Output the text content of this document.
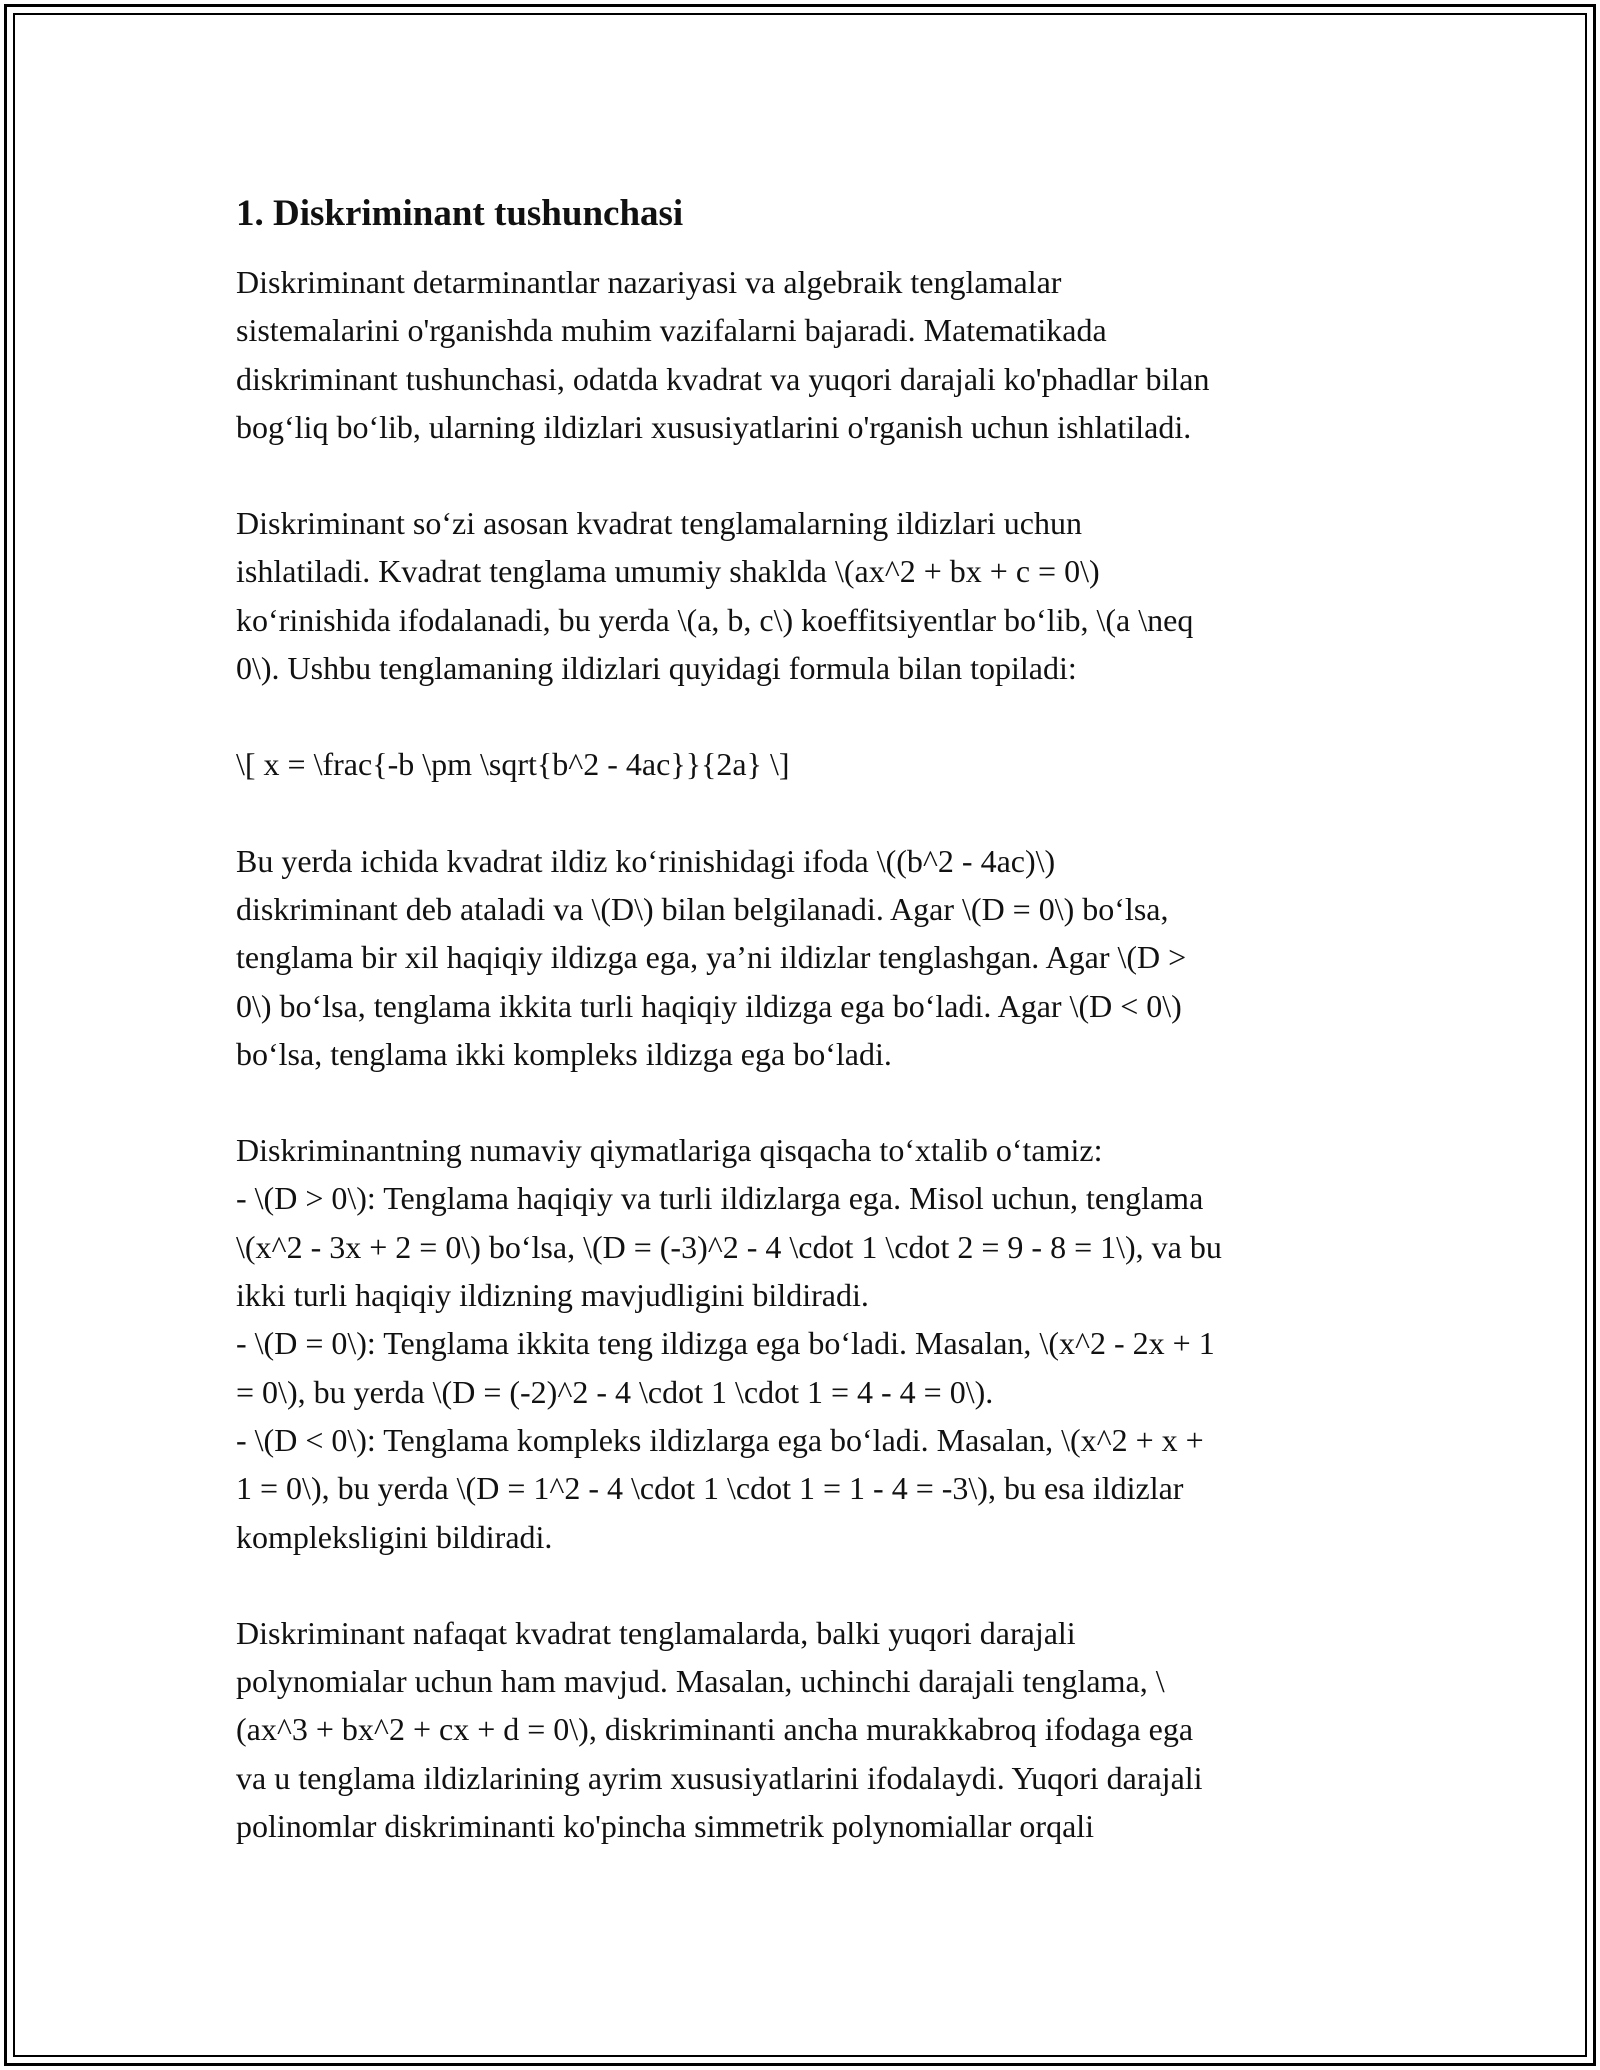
1. Diskriminant tushunchasi
Diskriminant detarminantlar nazariyasi va algebraik tenglamalar
sistemalarini o'rganishda muhim vazifalarni bajaradi. Matematikada
diskriminant tushunchasi, odatda kvadrat va yuqori darajali ko'phadlar bilan
bog‘liq bo‘lib, ularning ildizlari xususiyatlarini o'rganish uchun ishlatiladi.
Diskriminant so‘zi asosan kvadrat tenglamalarning ildizlari uchun
ishlatiladi. Kvadrat tenglama umumiy shaklda \(ax^2 + bx + c = 0\)
ko‘rinishida ifodalanadi, bu yerda \(a, b, c\) koeffitsiyentlar bo‘lib, \(a \neq
0\). Ushbu tenglamaning ildizlari quyidagi formula bilan topiladi:
\[ x = \frac{-b \pm \sqrt{b^2 - 4ac}}{2a} \]
Bu yerda ichida kvadrat ildiz ko‘rinishidagi ifoda \((b^2 - 4ac)\)
diskriminant deb ataladi va \(D\) bilan belgilanadi. Agar \(D = 0\) bo‘lsa,
tenglama bir xil haqiqiy ildizga ega, ya’ni ildizlar tenglashgan. Agar \(D >
0\) bo‘lsa, tenglama ikkita turli haqiqiy ildizga ega bo‘ladi. Agar \(D < 0\)
bo‘lsa, tenglama ikki kompleks ildizga ega bo‘ladi.
Diskriminantning numaviy qiymatlariga qisqacha to‘xtalib o‘tamiz:
- \(D > 0\): Tenglama haqiqiy va turli ildizlarga ega. Misol uchun, tenglama
\(x^2 - 3x + 2 = 0\) bo‘lsa, \(D = (-3)^2 - 4 \cdot 1 \cdot 2 = 9 - 8 = 1\), va bu
ikki turli haqiqiy ildizning mavjudligini bildiradi.
- \(D = 0\): Tenglama ikkita teng ildizga ega bo‘ladi. Masalan, \(x^2 - 2x + 1
= 0\), bu yerda \(D = (-2)^2 - 4 \cdot 1 \cdot 1 = 4 - 4 = 0\).
- \(D < 0\): Tenglama kompleks ildizlarga ega bo‘ladi. Masalan, \(x^2 + x +
1 = 0\), bu yerda \(D = 1^2 - 4 \cdot 1 \cdot 1 = 1 - 4 = -3\), bu esa ildizlar
kompleksligini bildiradi.
Diskriminant nafaqat kvadrat tenglamalarda, balki yuqori darajali
polynomialar uchun ham mavjud. Masalan, uchinchi darajali tenglama, \
(ax^3 + bx^2 + cx + d = 0\), diskriminanti ancha murakkabroq ifodaga ega
va u tenglama ildizlarining ayrim xususiyatlarini ifodalaydi. Yuqori darajali
polinomlar diskriminanti ko'pincha simmetrik polynomiallar orqali
